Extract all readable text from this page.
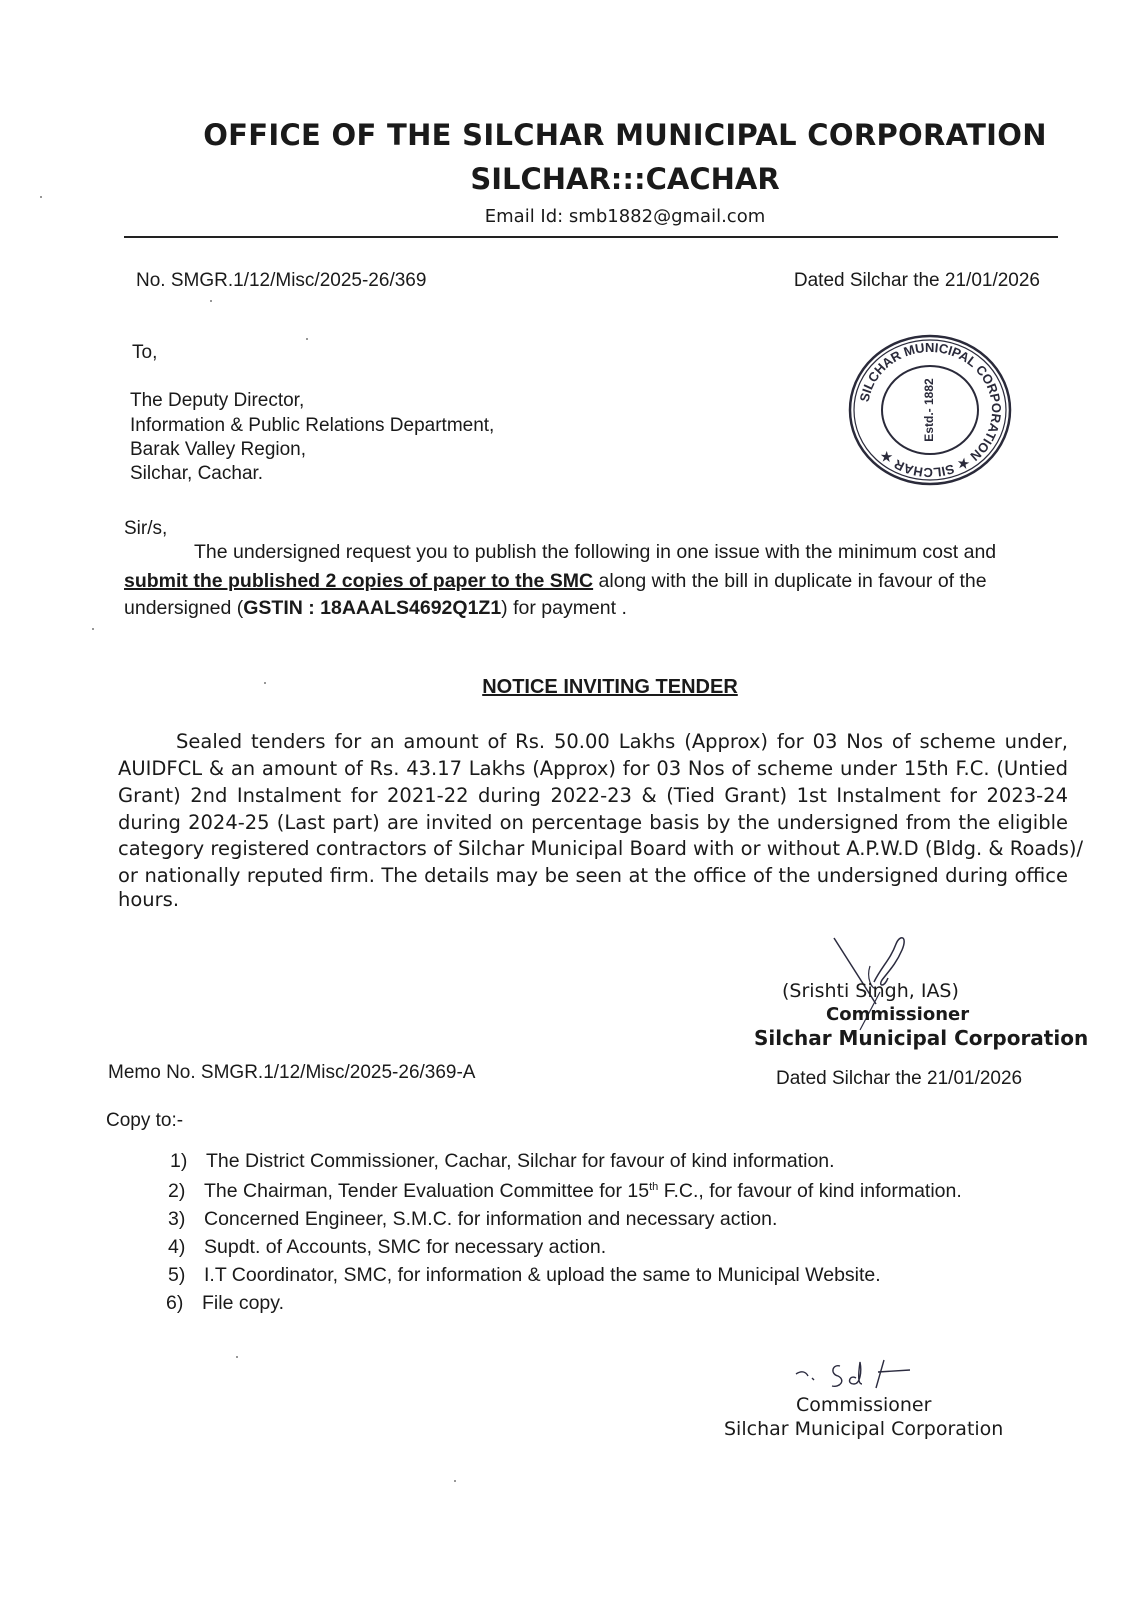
OFFICE OF THE SILCHAR MUNICIPAL CORPORATION
SILCHAR:::CACHAR
Email Id: smb1882@gmail.com
No. SMGR.1/12/Misc/2025-26/369	Dated Silchar the 21/01/2026
SILCHAR MUNICIPAL CORPORATION ★ SILCHAR ★
Estd.- 1882
To,
The Deputy Director,
Information & Public Relations Department,
Barak Valley Region,
Silchar, Cachar.
Sir/s,
The undersigned request you to publish the following in one issue with the minimum cost and
submit the published 2 copies of paper to the SMC along with the bill in duplicate in favour of the
undersigned (GSTIN : 18AAALS4692Q1Z1) for payment .
NOTICE INVITING TENDER
Sealed tenders for an amount of Rs. 50.00 Lakhs (Approx) for 03 Nos of scheme under,
AUIDFCL & an amount of Rs. 43.17 Lakhs (Approx) for 03 Nos of scheme under 15th F.C. (Untied
Grant) 2nd Instalment for 2021-22 during 2022-23 & (Tied Grant) 1st Instalment for 2023-24
during 2024-25 (Last part) are invited on percentage basis by the undersigned from the eligible
category registered contractors of Silchar Municipal Board with or without A.P.W.D (Bldg. & Roads)/
or nationally reputed firm. The details may be seen at the office of the undersigned during office
hours.
(Srishti Singh, IAS)
Commissioner
Silchar Municipal Corporation
Memo No. SMGR.1/12/Misc/2025-26/369-A	Dated Silchar the 21/01/2026
Copy to:-
1) The District Commissioner, Cachar, Silchar for favour of kind information.
2) The Chairman, Tender Evaluation Committee for 15th F.C., for favour of kind information.
3) Concerned Engineer, S.M.C. for information and necessary action.
4) Supdt. of Accounts, SMC for necessary action.
5) I.T Coordinator, SMC, for information & upload the same to Municipal Website.
6) File copy.
Commissioner
Silchar Municipal Corporation
